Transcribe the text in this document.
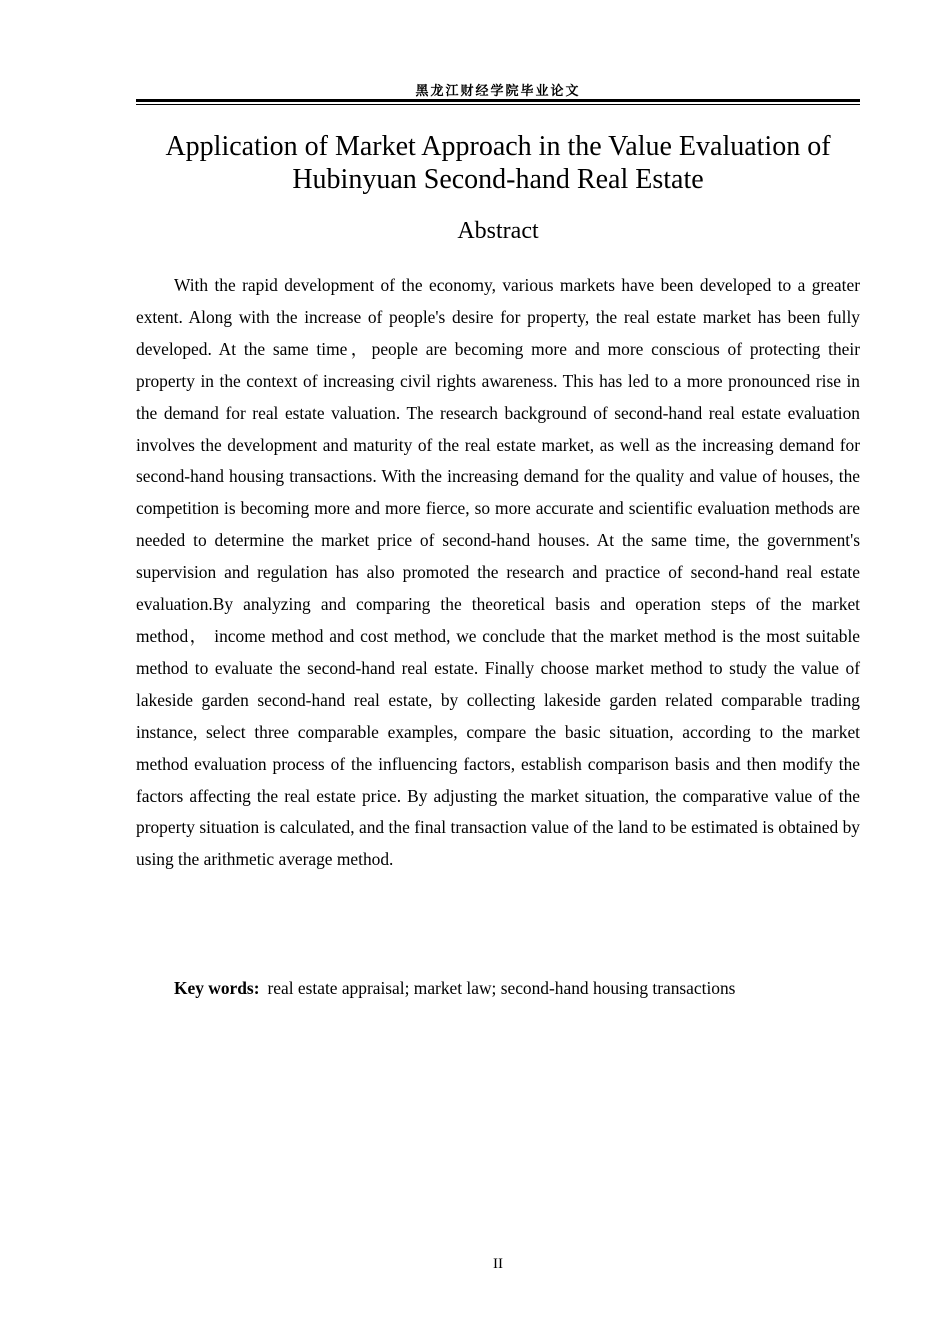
黑龙江财经学院毕业论文
Application of Market Approach in the Value Evaluation of
Hubinyuan Second-hand Real Estate
Abstract

With the rapid development of the economy, various markets have been developed to a greater extent. Along with the increase of people's desire for property, the real estate market has been fully developed. At the same time，people are becoming more and more conscious of protecting their property in the context of increasing civil rights awareness. This has led to a more pronounced rise in the demand for real estate valuation. The research background of second-hand real estate evaluation involves the development and maturity of the real estate market, as well as the increasing demand for second-hand housing transactions. With the increasing demand for the quality and value of houses, the competition is becoming more and more fierce, so more accurate and scientific evaluation methods are needed to determine the market price of second-hand houses. At the same time, the government's supervision and regulation has also promoted the research and practice of second-hand real estate evaluation.By analyzing and comparing the theoretical basis and operation steps of the market method， income method and cost method, we conclude that the market method is the most suitable method to evaluate the second-hand real estate. Finally choose market method to study the value of lakeside garden second-hand real estate, by collecting lakeside garden related comparable trading instance, select three comparable examples, compare the basic situation, according to the market method evaluation process of the influencing factors, establish comparison basis and then modify the factors affecting the real estate price. By adjusting the market situation, the comparative value of the property situation is calculated, and the final transaction value of the land to be estimated is obtained by using the arithmetic average method.

Key words: real estate appraisal; market law; second-hand housing transactions
II
